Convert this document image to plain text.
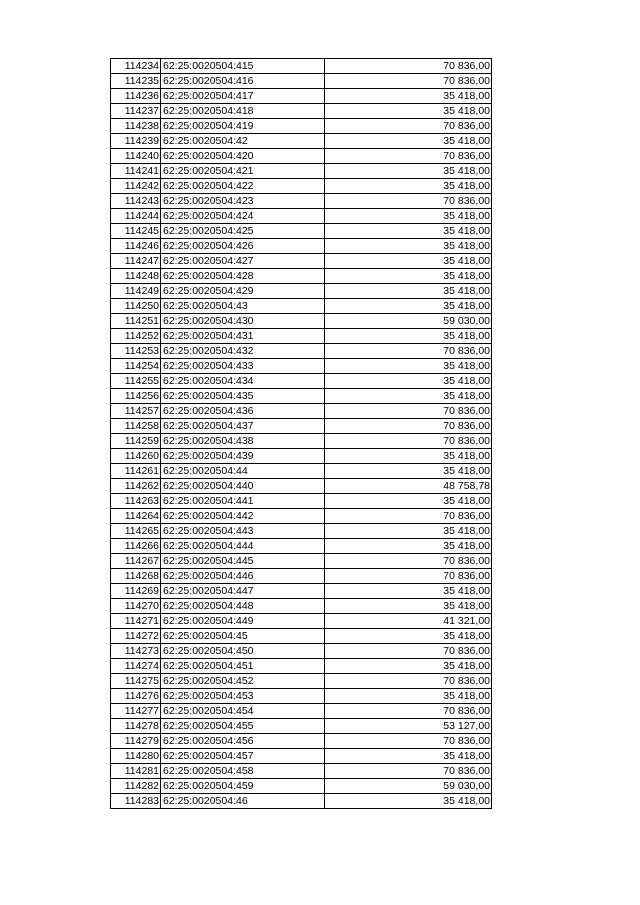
114234	62:25:0020504:415	70 836,00
114235	62:25:0020504:416	70 836,00
114236	62:25:0020504:417	35 418,00
114237	62:25:0020504:418	35 418,00
114238	62:25:0020504:419	70 836,00
114239	62:25:0020504:42	35 418,00
114240	62:25:0020504:420	70 836,00
114241	62:25:0020504:421	35 418,00
114242	62:25:0020504:422	35 418,00
114243	62:25:0020504:423	70 836,00
114244	62:25:0020504:424	35 418,00
114245	62:25:0020504:425	35 418,00
114246	62:25:0020504:426	35 418,00
114247	62:25:0020504:427	35 418,00
114248	62:25:0020504:428	35 418,00
114249	62:25:0020504:429	35 418,00
114250	62:25:0020504:43	35 418,00
114251	62:25:0020504:430	59 030,00
114252	62:25:0020504:431	35 418,00
114253	62:25:0020504:432	70 836,00
114254	62:25:0020504:433	35 418,00
114255	62:25:0020504:434	35 418,00
114256	62:25:0020504:435	35 418,00
114257	62:25:0020504:436	70 836,00
114258	62:25:0020504:437	70 836,00
114259	62:25:0020504:438	70 836,00
114260	62:25:0020504:439	35 418,00
114261	62:25:0020504:44	35 418,00
114262	62:25:0020504:440	48 758,78
114263	62:25:0020504:441	35 418,00
114264	62:25:0020504:442	70 836,00
114265	62:25:0020504:443	35 418,00
114266	62:25:0020504:444	35 418,00
114267	62:25:0020504:445	70 836,00
114268	62:25:0020504:446	70 836,00
114269	62:25:0020504:447	35 418,00
114270	62:25:0020504:448	35 418,00
114271	62:25:0020504:449	41 321,00
114272	62:25:0020504:45	35 418,00
114273	62:25:0020504:450	70 836,00
114274	62:25:0020504:451	35 418,00
114275	62:25:0020504:452	70 836,00
114276	62:25:0020504:453	35 418,00
114277	62:25:0020504:454	70 836,00
114278	62:25:0020504:455	53 127,00
114279	62:25:0020504:456	70 836,00
114280	62:25:0020504:457	35 418,00
114281	62:25:0020504:458	70 836,00
114282	62:25:0020504:459	59 030,00
114283	62:25:0020504:46	35 418,00
